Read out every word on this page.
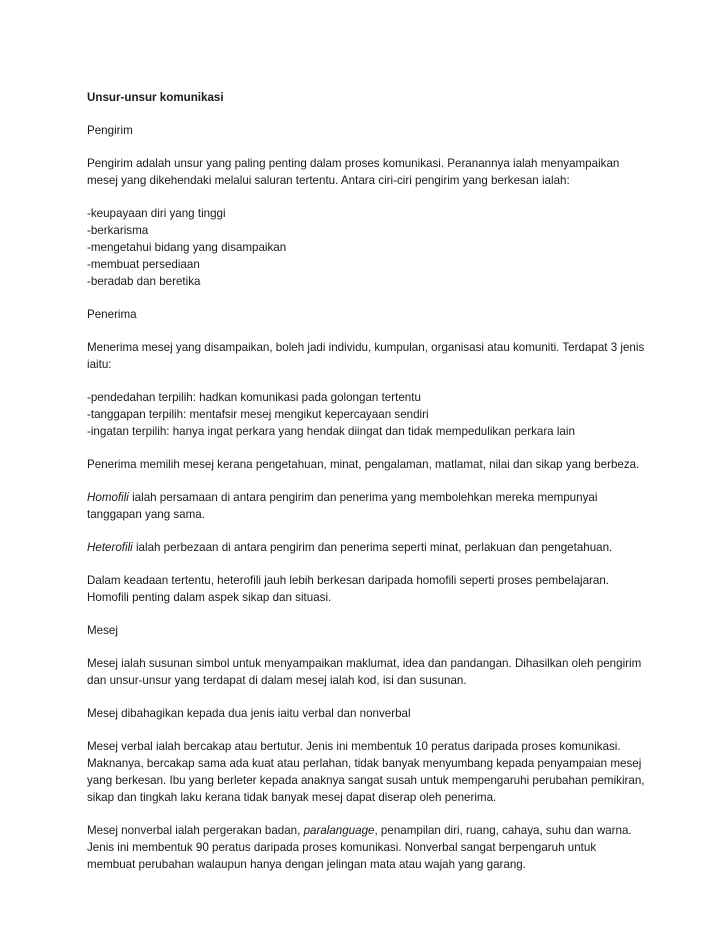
Unsur-unsur komunikasi

Pengirim

Pengirim adalah unsur yang paling penting dalam proses komunikasi. Peranannya ialah menyampaikan mesej yang dikehendaki melalui saluran tertentu. Antara ciri-ciri pengirim yang berkesan ialah:

-keupayaan diri yang tinggi
-berkarisma
-mengetahui bidang yang disampaikan
-membuat persediaan
-beradab dan beretika

Penerima

Menerima mesej yang disampaikan, boleh jadi individu, kumpulan, organisasi atau komuniti. Terdapat 3 jenis iaitu:

-pendedahan terpilih: hadkan komunikasi pada golongan tertentu
-tanggapan terpilih: mentafsir mesej mengikut kepercayaan sendiri
-ingatan terpilih: hanya ingat perkara yang hendak diingat dan tidak mempedulikan perkara lain

Penerima memilih mesej kerana pengetahuan, minat, pengalaman, matlamat, nilai dan sikap yang berbeza.

Homofili ialah persamaan di antara pengirim dan penerima yang membolehkan mereka mempunyai tanggapan yang sama.

Heterofili ialah perbezaan di antara pengirim dan penerima seperti minat, perlakuan dan pengetahuan.

Dalam keadaan tertentu, heterofili jauh lebih berkesan daripada homofili seperti proses pembelajaran. Homofili penting dalam aspek sikap dan situasi.

Mesej

Mesej ialah susunan simbol untuk menyampaikan maklumat, idea dan pandangan. Dihasilkan oleh pengirim dan unsur-unsur yang terdapat di dalam mesej ialah kod, isi dan susunan.

Mesej dibahagikan kepada dua jenis iaitu verbal dan nonverbal

Mesej verbal ialah bercakap atau bertutur. Jenis ini membentuk 10 peratus daripada proses komunikasi. Maknanya, bercakap sama ada kuat atau perlahan, tidak banyak menyumbang kepada penyampaian mesej yang berkesan. Ibu yang berleter kepada anaknya sangat susah untuk mempengaruhi perubahan pemikiran, sikap dan tingkah laku kerana tidak banyak mesej dapat diserap oleh penerima.

Mesej nonverbal ialah pergerakan badan, paralanguage, penampilan diri, ruang, cahaya, suhu dan warna. Jenis ini membentuk 90 peratus daripada proses komunikasi. Nonverbal sangat berpengaruh untuk membuat perubahan walaupun hanya dengan jelingan mata atau wajah yang garang.
